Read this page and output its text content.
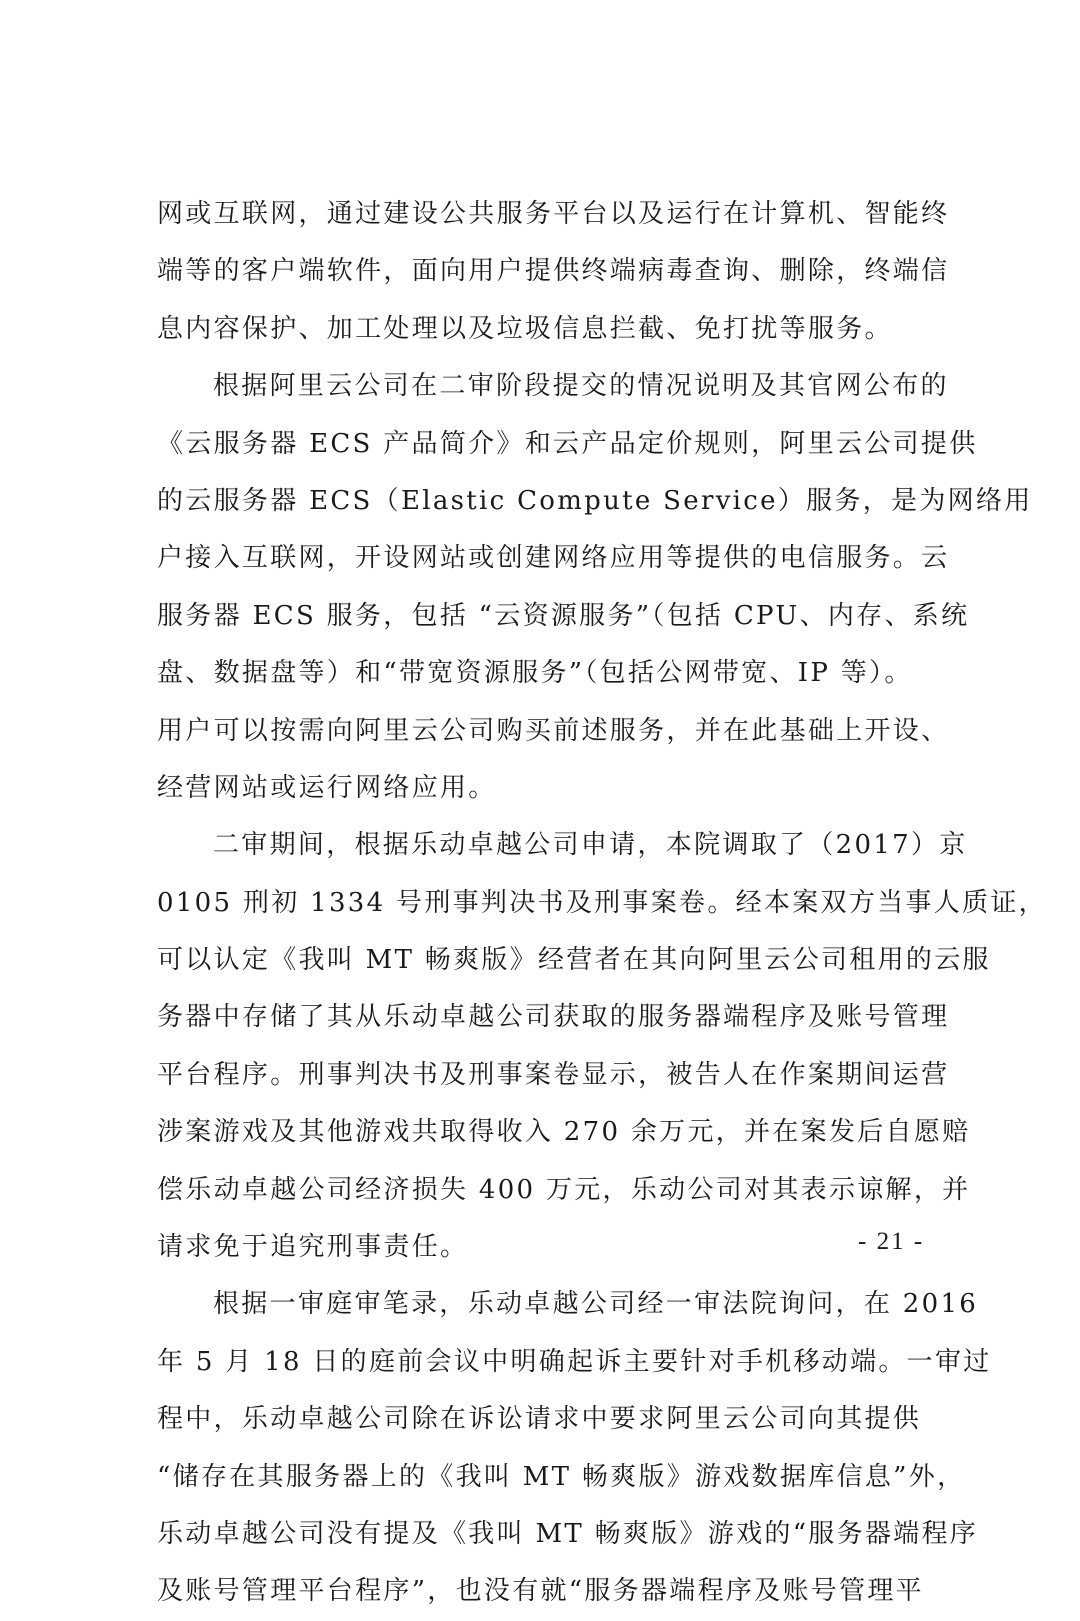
网或互联网，通过建设公共服务平台以及运行在计算机、智能终
端等的客户端软件，面向用户提供终端病毒查询、删除，终端信
息内容保护、加工处理以及垃圾信息拦截、免打扰等服务。
根据阿里云公司在二审阶段提交的情况说明及其官网公布的
《云服务器 ECS 产品简介》和云产品定价规则，阿里云公司提供
的云服务器 ECS（Elastic Compute Service）服务，是为网络用
户接入互联网，开设网站或创建网络应用等提供的电信服务。云
服务器 ECS 服务，包括 “云资源服务”（包括 CPU、内存、系统
盘、数据盘等）和“带宽资源服务”（包括公网带宽、IP 等）。
用户可以按需向阿里云公司购买前述服务，并在此基础上开设、
经营网站或运行网络应用。
二审期间，根据乐动卓越公司申请，本院调取了（2017）京
0105 刑初 1334 号刑事判决书及刑事案卷。经本案双方当事人质证，
可以认定《我叫 MT 畅爽版》经营者在其向阿里云公司租用的云服
务器中存储了其从乐动卓越公司获取的服务器端程序及账号管理
平台程序。刑事判决书及刑事案卷显示，被告人在作案期间运营
涉案游戏及其他游戏共取得收入 270 余万元，并在案发后自愿赔
偿乐动卓越公司经济损失 400 万元，乐动公司对其表示谅解，并
请求免于追究刑事责任。
根据一审庭审笔录，乐动卓越公司经一审法院询问，在 2016
年 5 月 18 日的庭前会议中明确起诉主要针对手机移动端。一审过
程中，乐动卓越公司除在诉讼请求中要求阿里云公司向其提供
“储存在其服务器上的《我叫 MT 畅爽版》游戏数据库信息”外，
乐动卓越公司没有提及《我叫 MT 畅爽版》游戏的“服务器端程序
及账号管理平台程序”，也没有就“服务器端程序及账号管理平
- 21 -
